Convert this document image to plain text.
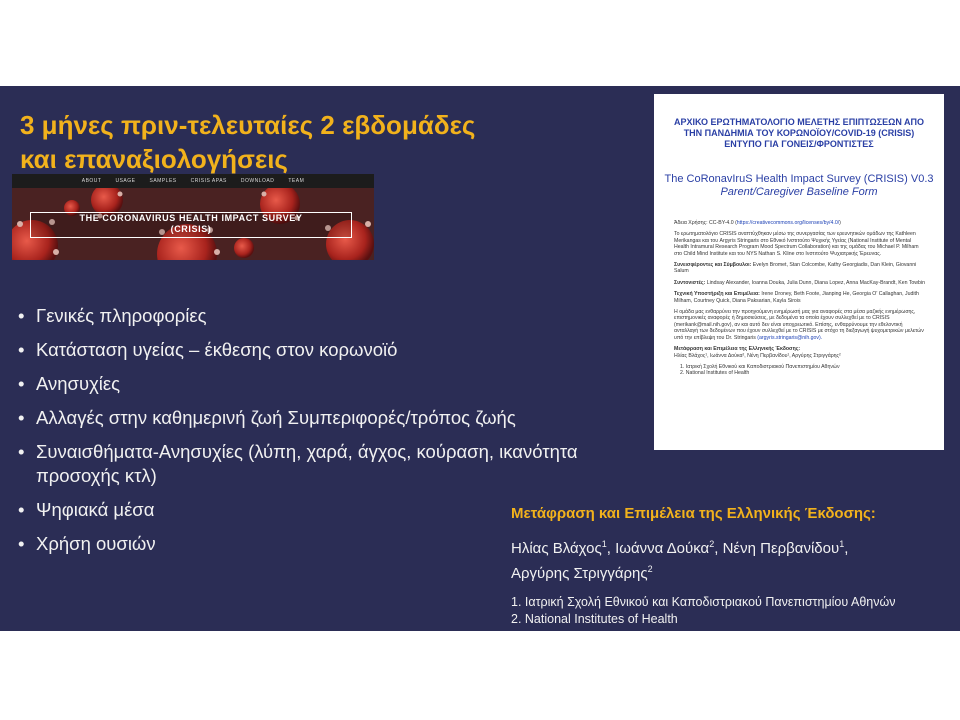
3 μήνες πριν-τελευταίες 2 εβδομάδες
και επαναξιολογήσεις
ABOUT	USAGE	SAMPLES	CRISIS APAS	DOWNLOAD	TEAM
THE CORONAVIRUS HEALTH IMPACT SURVEY
(CRISIS)
• Γενικές πληροφορίες
• Κατάσταση υγείας – έκθεσης στον κορωνοϊό
• Ανησυχίες
• Αλλαγές στην καθημερινή ζωή Συμπεριφορές/τρόπος ζωής
• Συναισθήματα-Ανησυχίες (λύπη, χαρά, άγχος, κούραση, ικανότητα προσοχής κτλ)
• Ψηφιακά μέσα
• Χρήση ουσιών
ΑΡΧΙΚΟ ΕΡΩΤΗΜΑΤΟΛΟΓΙΟ ΜΕΛΕΤΗΣ ΕΠΙΠΤΩΣΕΩΝ ΑΠΟ
ΤΗΝ ΠΑΝΔΗΜΙΑ ΤΟΥ ΚΟΡΩΝΟΪΟΥ/COVID-19 (CRISIS)
ΕΝΤΥΠΟ ΓΙΑ ΓΟΝΕΙΣ/ΦΡΟΝΤΙΣΤΕΣ
The CoRonavIruS Health Impact Survey (CRISIS) V0.3
Parent/Caregiver Baseline Form

Άδεια Χρήσης: CC-BY-4.0 (https://creativecommons.org/licenses/by/4.0/)

Το ερωτηματολόγιο CRISIS αναπτύχθηκαν μέσω της συνεργασίας των ερευνητικών ομάδων της Kathleen Merikangas και του Argyris Stringaris στο Εθνικό Ινστιτούτο Ψυχικής Υγείας (National Institute of Mental Health Intramural Research Program Mood Spectrum Collaboration) και της ομάδας του Michael P. Milham στο Child Mind Institute και του NYS Nathan S. Kline στο Ινστιτούτο Ψυχιατρικής Έρευνας.

Συνεισφέροντες και Σύμβουλοι: Evelyn Bromet, Stan Colcombe, Kathy Georgiadis, Dan Klein, Giovanni Salum

Συντονιστές: Lindsay Alexander, Ioanna Douka, Julia Dunn, Diana Lopez, Anna MacKay-Brandt, Ken Towbin

Τεχνική Υποστήριξη και Επιμέλεια: Irene Droney, Beth Foote, Jianping He, Georgia O' Callaghan, Judith Milham, Courtney Quick, Diana Paksarian, Kayla Sirois

Η ομάδα μας ενθαρρύνει την προηγούμενη ενημέρωσή μας για αναφορές στα μέσα μαζικής ενημέρωσης, επιστημονικές αναφορές ή δημοσιεύσεις, με δεδομένα τα οποία έχουν συλλεχθεί με το CRISIS (merikank@mail.nih.gov), αν και αυτό δεν είναι υποχρεωτικό. Επίσης, ενθαρρύνουμε την εθελοντική ανταλλαγή των δεδομένων που έχουν συλλεχθεί με το CRISIS με στόχο τη διεξαγωγή ψυχομετρικών μελετών υπό την επίβλεψη του Dr. Stringaris (argyris.stringaris@nih.gov).

Μετάφραση και Επιμέλεια της Ελληνικής Έκδοσης:
Ηλίας Βλάχος¹, Ιωάννα Δούκα², Νένη Περβανίδου¹, Αργύρης Στριγγάρης²

1. Ιατρική Σχολή Εθνικού και Καποδιστριακού Πανεπιστημίου Αθηνών
2. National Institutes of Health

Μετάφραση και Επιμέλεια της Ελληνικής Έκδοσης:
Ηλίας Βλάχος$^1$, Ιωάννα Δούκα$^2$, Νένη Περβανίδου$^1$,
Αργύρης Στριγγάρης$^2$
1. Ιατρική Σχολή Εθνικού και Καποδιστριακού Πανεπιστημίου Αθηνών
2. National Institutes of Health
